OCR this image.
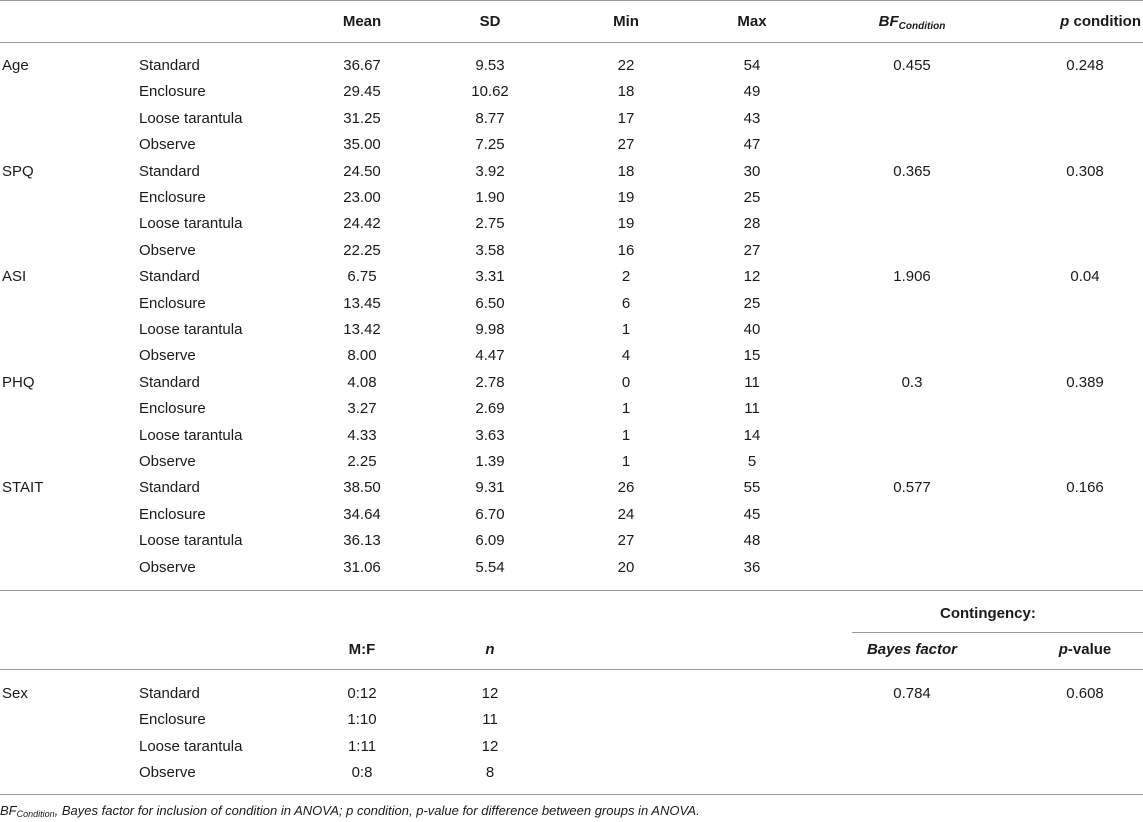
Mean	SD	Min	Max	$BF_{Condition}$	p condition
Age	Standard	36.67	9.53	22	54	0.455	0.248
Enclosure	29.45	10.62	18	49
Loose tarantula	31.25	8.77	17	43
Observe	35.00	7.25	27	47
SPQ	Standard	24.50	3.92	18	30	0.365	0.308
Enclosure	23.00	1.90	19	25
Loose tarantula	24.42	2.75	19	28
Observe	22.25	3.58	16	27
ASI	Standard	6.75	3.31	2	12	1.906	0.04
Enclosure	13.45	6.50	6	25
Loose tarantula	13.42	9.98	1	40
Observe	8.00	4.47	4	15
PHQ	Standard	4.08	2.78	0	11	0.3	0.389
Enclosure	3.27	2.69	1	11
Loose tarantula	4.33	3.63	1	14
Observe	2.25	1.39	1	5
STAIT	Standard	38.50	9.31	26	55	0.577	0.166
Enclosure	34.64	6.70	24	45
Loose tarantula	36.13	6.09	27	48
Observe	31.06	5.54	20	36
Contingency:
M:F	n	Bayes factor	p-value
Sex	Standard	0:12	12	0.784	0.608
Enclosure	1:10	11
Loose tarantula	1:11	12
Observe	0:8	8
BFCondition, Bayes factor for inclusion of condition in ANOVA; p condition, p-value for difference between groups in ANOVA.
